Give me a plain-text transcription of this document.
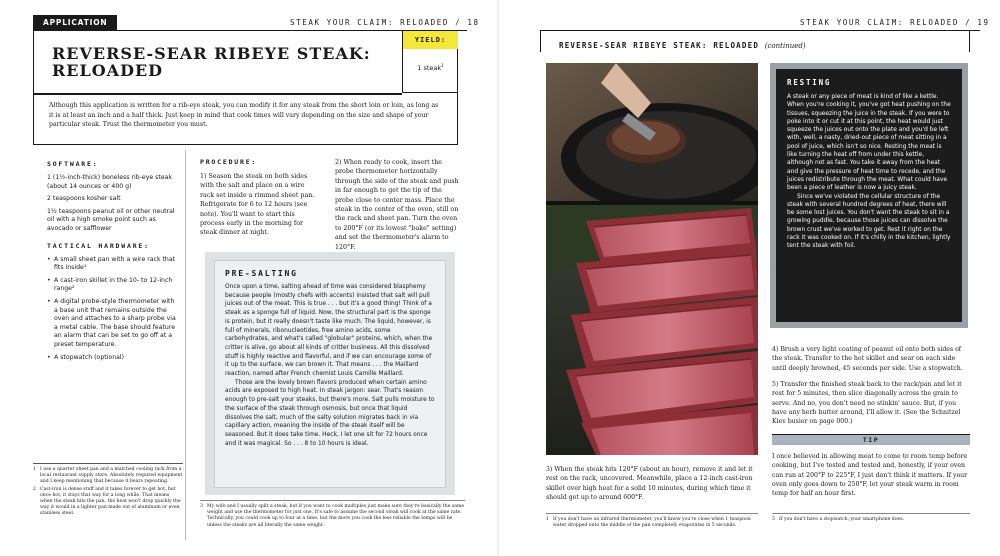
APPLICATION	STEAK YOUR CLAIM: RELOADED / 18
REVERSE-SEAR RIBEYE STEAK:
RELOADED
YIELD:
1 steak$^1$
Although this application is written for a rib-eye steak, you can modify it for any steak from the short loin or loin, as long as it is at least an inch and a half thick. Just keep in mind that cook times will vary depending on the size and shape of your particular steak. Trust the thermometer you must.
SOFTWARE:
1 (1½-inch-thick) boneless rib-eye steak (about 14 ounces or 400 g)
2 teaspoons kosher salt
1½ teaspoons peanut oil or other neutral oil with a high smoke point such as avocado or safflower
TACTICAL HARDWARE:
• A small sheet pan with a wire rack that fits inside¹
• A cast-iron skillet in the 10- to 12-inch range²
• A digital probe-style thermometer with a base unit that remains outside the oven and attaches to a sharp probe via a metal cable. The base should feature an alarm that can be set to go off at a preset temperature.
• A stopwatch (optional)
1 I use a quarter sheet pan and a matched cooling rack from a local restaurant supply store. Absolutely required equipment and I keep mentioning that because it bears repeating.
2 Cast-iron is dense stuff and it takes forever to get hot, but once hot, it stays that way for a long while. That means when the steak hits the pan, the heat won't drop quickly the way it would in a lighter pan made out of aluminum or even stainless steel.
PROCEDURE:
1) Season the steak on both sides with the salt and place on a wire rack set inside a rimmed sheet pan. Refrigerate for 6 to 12 hours (see note). You'll want to start this process early in the morning for steak dinner at night.
2) When ready to cook, insert the probe thermometer horizontally through the side of the steak and push in far enough to get the tip of the probe close to center mass. Place the steak in the center of the oven, still on the rack and sheet pan. Turn the oven to 200°F (or its lowest "bake" setting) and set the thermometer's alarm to 120°F.
PRE-SALTING

Once upon a time, salting ahead of time was considered blasphemy because people (mostly chefs with accents) insisted that salt will pull juices out of the meat. This is true . . . but it's a good thing! Think of a steak as a sponge full of liquid. Now, the structural part is the sponge is protein, but it really doesn't taste like much. The liquid, however, is full of minerals, ribonucleotides, free amino acids, some carbohydrates, and what's called "globular" proteins, which, when the critter is alive, go about all kinds of critter business. All this dissolved stuff is highly reactive and flavorful, and if we can encourage some of it up to the surface, we can brown it. That means . . . the Maillard reaction, named after French chemist Louis Camille Maillard.

Those are the lovely brown flavors produced when certain amino acids are exposed to high heat. In steak jargon: sear. That's reason enough to pre-salt your steaks, but there's more. Salt pulls moisture to the surface of the steak through osmosis, but once that liquid dissolves the salt, much of the salty solution migrates back in via capillary action, meaning the inside of the steak itself will be seasoned. But it does take time. Heck, I let one sit for 72 hours once and it was magical. So . . . 8 to 10 hours is ideal.

3 My wife and I usually split a steak, but if you want to cook multiples just make sure they're basically the same weight and use the thermometer for just one. It's safe to assume the second steak will cook at the same rate. Technically, you could cook up to four at a time, but the more you cook the less reliable the temps will be unless the steaks are all literally the same weight.
STEAK YOUR CLAIM: RELOADED / 19
REVERSE-SEAR RIBEYE STEAK: RELOADED (continued)
RESTING

A steak or any piece of meat is kind of like a kettle. When you're cooking it, you've got heat pushing on the tissues, squeezing the juice in the steak. If you were to poke into it or cut it at this point, the heat would just squeeze the juices out onto the plate and you'd be left with, well, a nasty, dried-out piece of meat sitting in a pool of juice, which isn't so nice. Resting the meat is like turning the heat off from under this kettle, although not as fast. You take it away from the heat and give the pressure of heat time to recede, and the juices redistribute through the meat. What could have been a piece of leather is now a juicy steak.

Since we've violated the cellular structure of the steak with several hundred degrees of heat, there will be some lost juices. You don't want the steak to sit in a growing puddle, because those juices can dissolve the brown crust we've worked to get. Rest it right on the rack it was cooked on. If it's chilly in the kitchen, lightly tent the steak with foil.

4) Brush a very light coating of peanut oil onto both sides of the steak. Transfer to the hot skillet and sear on each side until deeply browned, 45 seconds per side. Use a stopwatch.
5) Transfer the finished steak back to the rack/pan and let it rest for 5 minutes, then slice diagonally across the grain to serve. And no, you don't need no stinkin' sauce. But, if you have any herb butter around, I'll allow it. (See the Schnitzel Kiev busier on page 000.)
TIP
I once believed in allowing meat to come to room temp before cooking, but I've tested and tested and, honestly, if your oven can run at 200°F to 225°F, I just don't think it matters. If your oven only goes down to 250°F, let your steak warm in room temp for half an hour first.
3) When the steak hits 120°F (about an hour), remove it and let it rest on the rack, uncovered. Meanwhile, place a 12-inch cast-iron skillet over high heat for a solid 10 minutes, during which time it should get up to around 600°F.
1 If you don't have an infrared thermometer, you'll know you're close when 1 teaspoon water dropped onto the middle of the pan completely evaporates in 5 seconds.
5 If you don't have a stopwatch, your smartphone does.
